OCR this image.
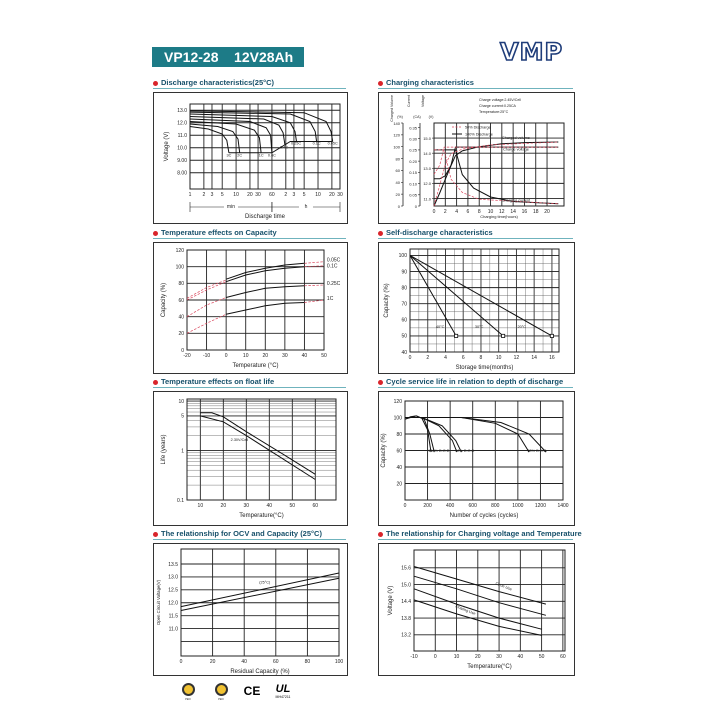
VP12-28 12V28Ah	VMP
Discharge characteristics(25°C)
1 2 3 5 10 20 30 60 2 3 5 10 20 30
8.00
9.00
10.0
11.0
12.0
13.0
Voltage (V)	3C 2C	1C 0.6C
0.4C
0.25C	0.1C 0.05C
Discharge time
min	h
Charging characteristics
0 2 4 6 8 10 12 14 16 18 20
0
20
40
60
80
100
120
140
Charged Volume (%)
0
0.05
0.10
0.15
0.20
0.25
0.30
0.35
Current
(CA)
11.0
12.0
13.0
14.0
15.0
Voltage
(V)
Charged volume
Charge voltage
Charging current
Charging time(hours)
Charge voltage:2.45V/Cell
Charge current:0.25CA
Temperature:25°C
50% Discharge
100% Discharge
Temperature effects on Capacity
-20 -10	0	10	20	30	40	50
0
20
40
60
80
100
120
Capacity (%)
0.05C
0.1C
0.25C
1C
Temperature (°C)
Self-discharge characteristics
0	2	4	6	8	10 12 14 16
40
50
60
70
80
90
100
Capacity (%)
40°C	30°C	20°C
Storage time(months)
Temperature effects on float life
10	20	30	40	50	60
0.1
1
5
10
Life (years)	2.30V/Cell
Temperature(°C)
Cycle service life in relation to depth of discharge
0	200	400	600	800	1000 1200 1400
20
40
60
80
100
120
Capacity (%)	100% D.O.D 50% D.O.D	30% D.O.D
Number of cycles (cycles)
The relationship for OCV and Capacity (25°C)
0	20	40	60	80	100
11.0
11.5
12.0
12.5
13.0
13.5
Open Circuit Voltage(V)	(25°C)
Residual Capacity (%)
The relationship for Charging voltage and Temperature
-10	0	10	20	30	40	50	60
13.2
13.8
14.4
15.0
15.6
Voltage (V)	Cycle Use
Floating Use
Temperature(°C)
ISO	ISO
CE	UL
MH47211
